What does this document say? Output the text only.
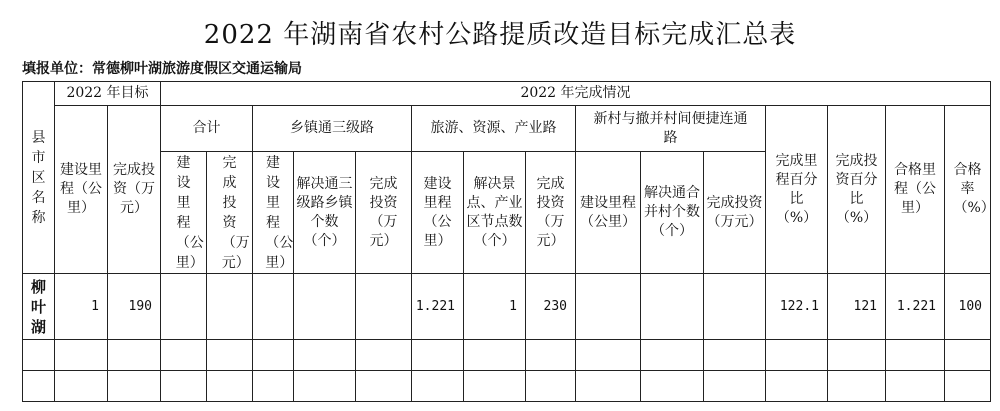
2022 年湖南省农村公路提质改造目标完成汇总表
填报单位：常德柳叶湖旅游度假区交通运输局
县市区名称	2022 年目标		2022 年完成情况														

	建设里程（公里）	完成投资（万元）	合计		乡镇通三级路			旅游、资源、产业路			新村与撤并村间便捷连通路			完成里程百分比（%）	完成投资百分比（%）	合格里程（公里）	合格率（%）

			建设里程（公里）	完成投资（万元）	建设里程（公里）	解决通三级路乡镇个数（个）	完成投资（万元）	建设里程（公里）	解决景点、产业区节点数（个）	完成投资（万元）	建设里程（公里）	解决通合并村个数（个）	完成投资（万元）				

柳叶湖	1	190						1.221	1	230				122.1	121	1.221	100
